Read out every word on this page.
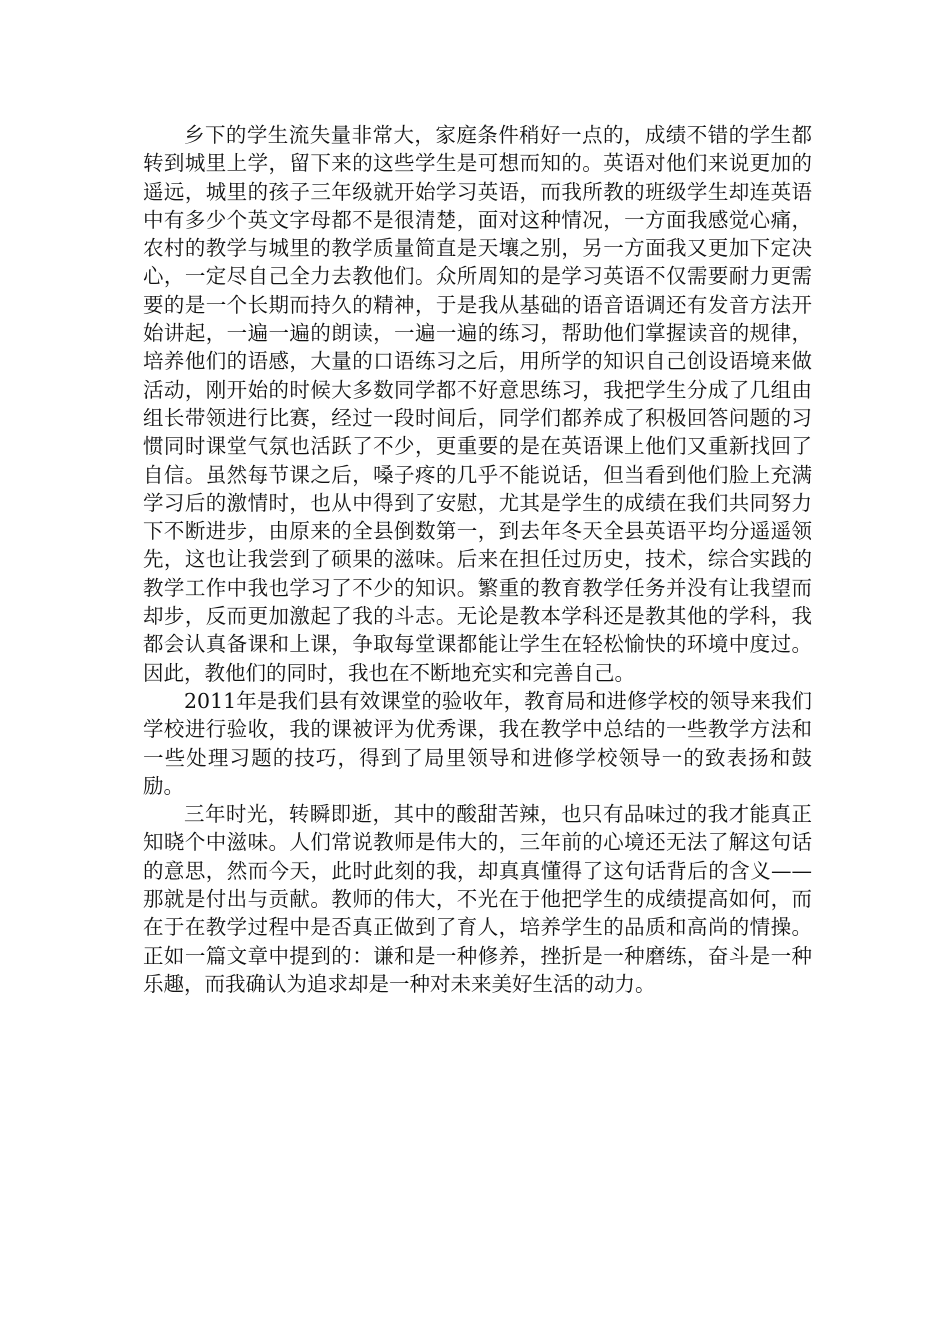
乡下的学生流失量非常大，家庭条件稍好一点的，成绩不错的学生都转到城里上学，留下来的这些学生是可想而知的。英语对他们来说更加的遥远，城里的孩子三年级就开始学习英语，而我所教的班级学生却连英语中有多少个英文字母都不是很清楚，面对这种情况，一方面我感觉心痛，农村的教学与城里的教学质量简直是天壤之别，另一方面我又更加下定决心，一定尽自己全力去教他们。众所周知的是学习英语不仅需要耐力更需要的是一个长期而持久的精神，于是我从基础的语音语调还有发音方法开始讲起，一遍一遍的朗读，一遍一遍的练习，帮助他们掌握读音的规律，培养他们的语感，大量的口语练习之后，用所学的知识自己创设语境来做活动，刚开始的时候大多数同学都不好意思练习，我把学生分成了几组由组长带领进行比赛，经过一段时间后，同学们都养成了积极回答问题的习惯同时课堂气氛也活跃了不少，更重要的是在英语课上他们又重新找回了自信。虽然每节课之后，嗓子疼的几乎不能说话，但当看到他们脸上充满学习后的激情时，也从中得到了安慰，尤其是学生的成绩在我们共同努力下不断进步，由原来的全县倒数第一，到去年冬天全县英语平均分遥遥领先，这也让我尝到了硕果的滋味。后来在担任过历史，技术，综合实践的教学工作中我也学习了不少的知识。繁重的教育教学任务并没有让我望而却步，反而更加激起了我的斗志。无论是教本学科还是教其他的学科，我都会认真备课和上课，争取每堂课都能让学生在轻松愉快的环境中度过。因此，教他们的同时，我也在不断地充实和完善自己。

2011年是我们县有效课堂的验收年，教育局和进修学校的领导来我们学校进行验收，我的课被评为优秀课，我在教学中总结的一些教学方法和一些处理习题的技巧，得到了局里领导和进修学校领导一的致表扬和鼓励。

三年时光，转瞬即逝，其中的酸甜苦辣，也只有品味过的我才能真正知晓个中滋味。人们常说教师是伟大的，三年前的心境还无法了解这句话的意思，然而今天，此时此刻的我，却真真懂得了这句话背后的含义——那就是付出与贡献。教师的伟大，不光在于他把学生的成绩提高如何，而在于在教学过程中是否真正做到了育人，培养学生的品质和高尚的情操。正如一篇文章中提到的：谦和是一种修养，挫折是一种磨练，奋斗是一种乐趣，而我确认为追求却是一种对未来美好生活的动力。
